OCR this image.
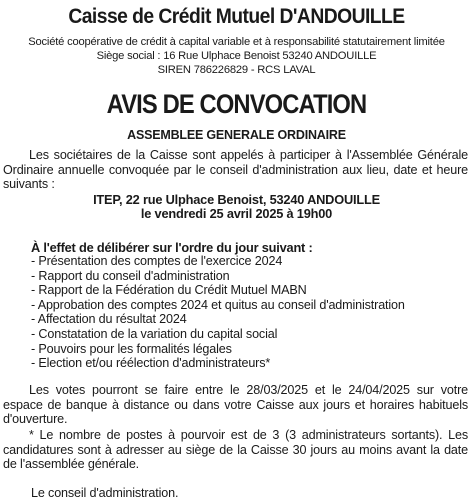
Caisse de Crédit Mutuel D'ANDOUILLE
Société coopérative de crédit à capital variable et à responsabilité statutairement limitée
Siège social : 16 Rue Ulphace Benoist 53240 ANDOUILLE
SIREN 786226829 - RCS LAVAL
AVIS DE CONVOCATION
ASSEMBLEE GENERALE ORDINAIRE
Les sociétaires de la Caisse sont appelés à participer à l'Assemblée Générale Ordinaire annuelle convoquée par le conseil d'administration aux lieu, date et heure suivants :
ITEP, 22 rue Ulphace Benoist, 53240 ANDOUILLE
le vendredi 25 avril 2025 à 19h00
À l'effet de délibérer sur l'ordre du jour suivant :
- Présentation des comptes de l'exercice 2024
- Rapport du conseil d'administration
- Rapport de la Fédération du Crédit Mutuel MABN
- Approbation des comptes 2024 et quitus au conseil d'administration
- Affectation du résultat 2024
- Constatation de la variation du capital social
- Pouvoirs pour les formalités légales
- Election et/ou réélection d'administrateurs*
Les votes pourront se faire entre le 28/03/2025 et le 24/04/2025 sur votre espace de banque à distance ou dans votre Caisse aux jours et horaires habituels d'ouverture.
* Le nombre de postes à pourvoir est de 3 (3 administrateurs sortants). Les candidatures sont à adresser au siège de la Caisse 30 jours au moins avant la date de l'assemblée générale.
Le conseil d'administration.
